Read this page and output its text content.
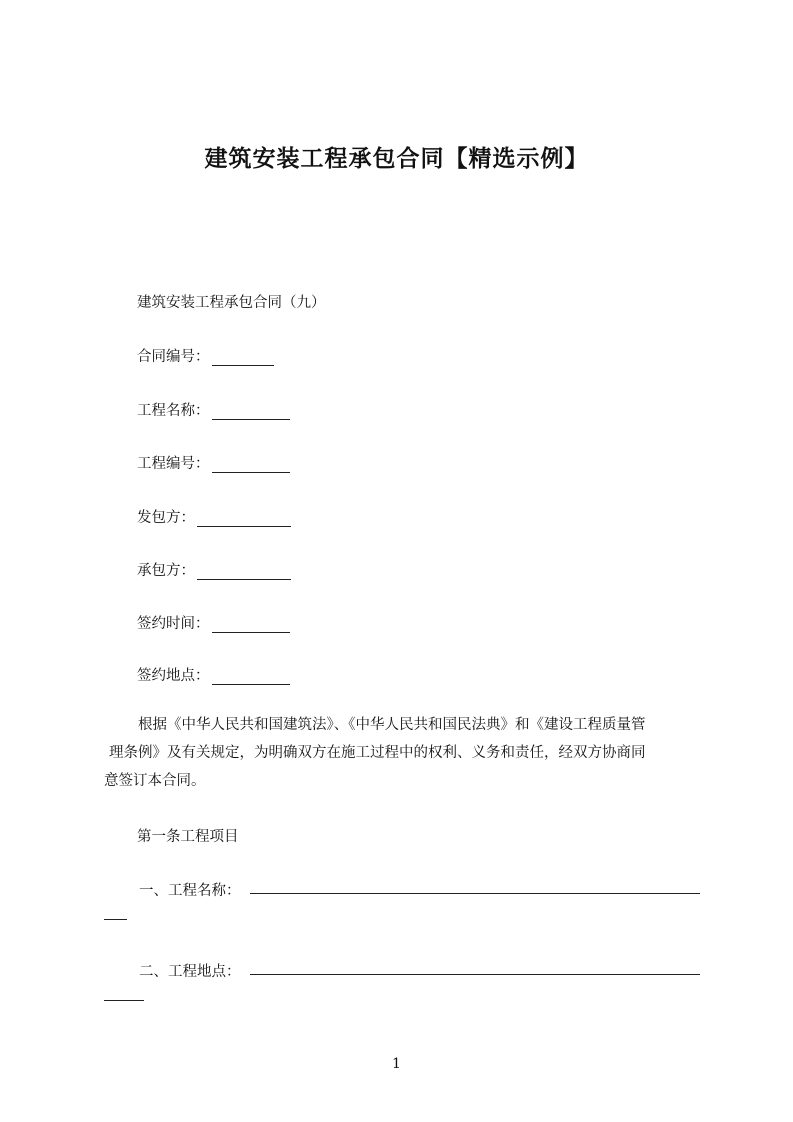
建筑安装工程承包合同【精选示例】
建筑安装工程承包合同（九）
合同编号：
工程名称：
工程编号：
发包方：
承包方：
签约时间：
签约地点：
根据《中华人民共和国建筑法》、《中华人民共和国民法典》和《建设工程质量管
理条例》及有关规定，为明确双方在施工过程中的权利、义务和责任，经双方协商同
意签订本合同。
第一条工程项目
一、工程名称：
二、工程地点：
1
